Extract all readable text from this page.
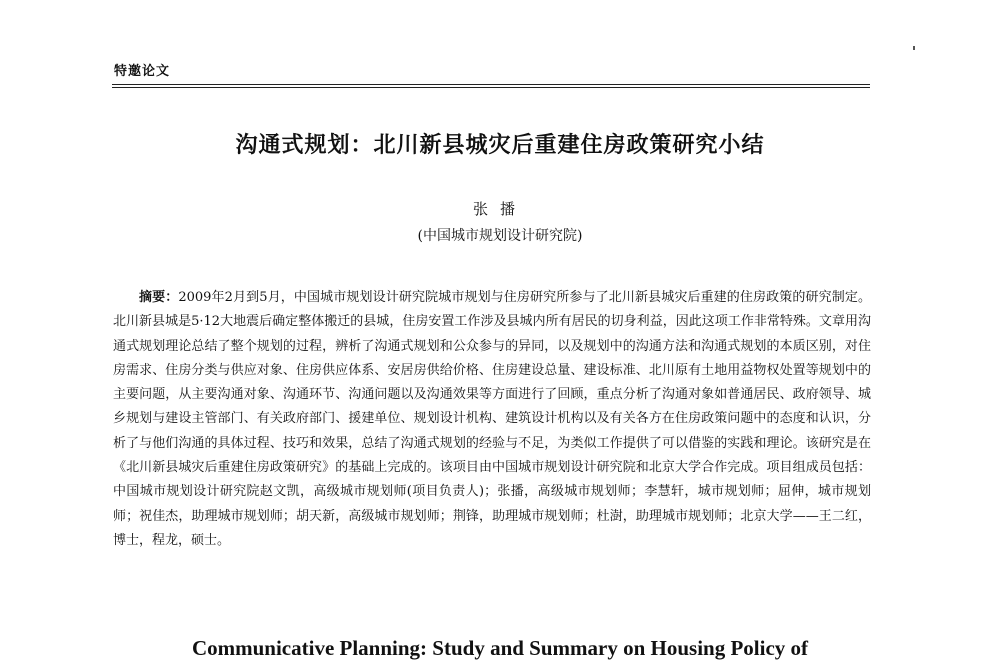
特邀论文
沟通式规划：北川新县城灾后重建住房政策研究小结
张播
(中国城市规划设计研究院)
摘要：2009年2月到5月，中国城市规划设计研究院城市规划与住房研究所参与了北川新县城灾后重建的住房政策的研究制定。北川新县城是5·12大地震后确定整体搬迁的县城，住房安置工作涉及县城内所有居民的切身利益，因此这项工作非常特殊。文章用沟通式规划理论总结了整个规划的过程，辨析了沟通式规划和公众参与的异同，以及规划中的沟通方法和沟通式规划的本质区别，对住房需求、住房分类与供应对象、住房供应体系、安居房供给价格、住房建设总量、建设标准、北川原有土地用益物权处置等规划中的主要问题，从主要沟通对象、沟通环节、沟通问题以及沟通效果等方面进行了回顾，重点分析了沟通对象如普通居民、政府领导、城乡规划与建设主管部门、有关政府部门、援建单位、规划设计机构、建筑设计机构以及有关各方在住房政策问题中的态度和认识，分析了与他们沟通的具体过程、技巧和效果，总结了沟通式规划的经验与不足，为类似工作提供了可以借鉴的实践和理论。该研究是在《北川新县城灾后重建住房政策研究》的基础上完成的。该项目由中国城市规划设计研究院和北京大学合作完成。项目组成员包括：中国城市规划设计研究院赵文凯，高级城市规划师(项目负责人)；张播，高级城市规划师；李慧轩，城市规划师；屈伸，城市规划师；祝佳杰，助理城市规划师；胡天新，高级城市规划师；荆锋，助理城市规划师；杜澍，助理城市规划师；北京大学——王二红，博士，程龙，硕士。
Communicative Planning: Study and Summary on Housing Policy of
